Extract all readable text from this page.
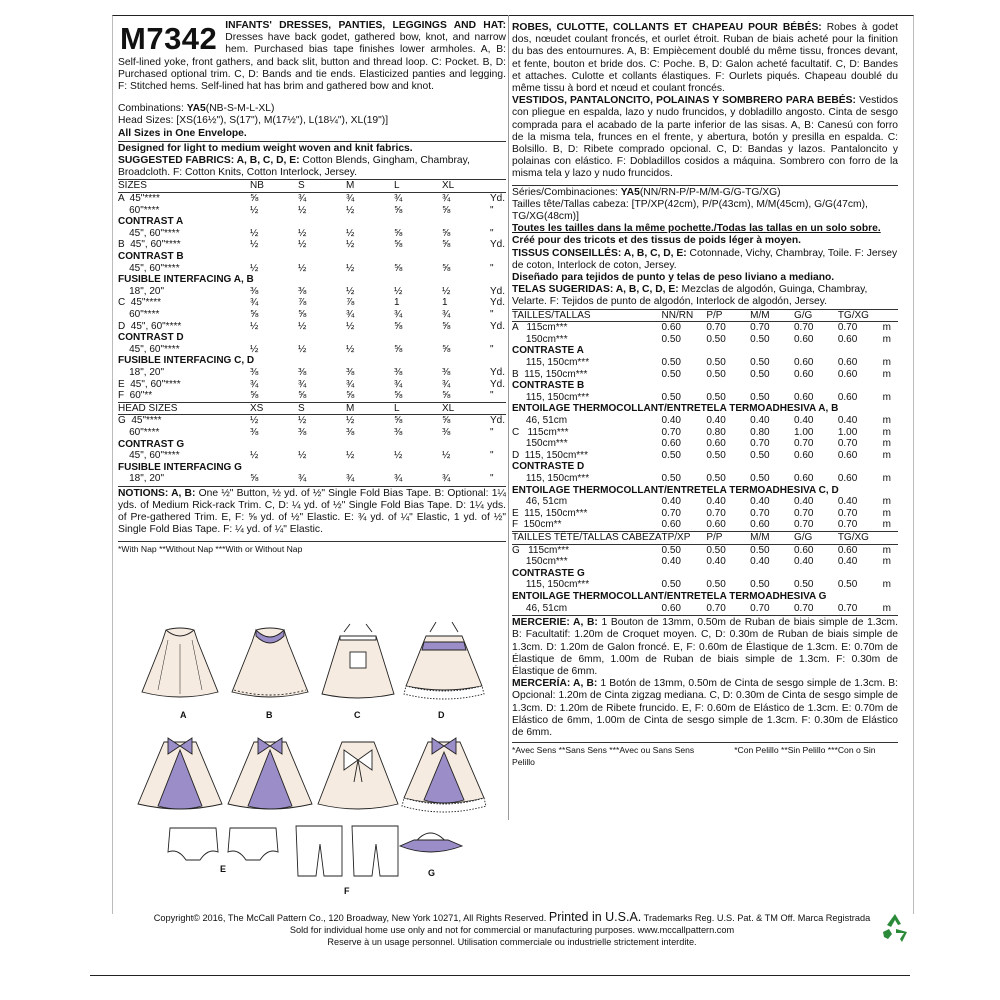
M7342 INFANTS' DRESSES, PANTIES, LEGGINGS AND HAT: Dresses have back godet, gathered bow, knot, and narrow hem. Purchased bias tape finishes lower armholes. A, B: Self-lined yoke, front gathers, and back slit, button and thread loop. C: Pocket. B, D: Purchased optional trim. C, D: Bands and tie ends. Elasticized panties and legging. F: Stitched hems. Self-lined hat has brim and gathered bow and knot.

Combinations: YA5(NB-S-M-L-XL)

Head Sizes: [XS(16½"), S(17"), M(17½"), L(18¼"), XL(19")]

All Sizes in One Envelope.

Designed for light to medium weight woven and knit fabrics.

SUGGESTED FABRICS: A, B, C, D, E: Cotton Blends, Gingham, Chambray, Broadcloth. F: Cotton Knits, Cotton Interlock, Jersey.

SIZES	NB	S	M	L	XL	
A  45"****	⅝	¾	¾	¾	¾	Yd.
60"****	½	½	½	⅝	⅝	"
CONTRAST A						
45", 60"****	½	½	½	⅝	⅝	"
B  45", 60"****	½	½	½	⅝	⅝	Yd.
CONTRAST B						
45", 60"****	½	½	½	⅝	⅝	"
FUSIBLE INTERFACING A, B						
18", 20"	⅜	⅜	½	½	½	Yd.
C  45"****	¾	⅞	⅞	1	1	Yd.
60"****	⅝	⅝	¾	¾	¾	"
D  45", 60"****	½	½	½	⅝	⅝	Yd.
CONTRAST D						
45", 60"****	½	½	½	⅝	⅝	"
FUSIBLE INTERFACING C, D						
18", 20"	⅜	⅜	⅜	⅜	⅜	Yd.
E  45", 60"****	¾	¾	¾	¾	¾	Yd.
F  60"**	⅝	⅝	⅝	⅝	⅝	"
HEAD SIZES	XS	S	M	L	XL	
G  45"****	½	½	½	⅝	⅝	Yd.
60"****	⅜	⅜	⅜	⅜	⅜	"
CONTRAST G						
45", 60"****	½	½	½	½	½	"
FUSIBLE INTERFACING G						
18", 20"	⅝	¾	¾	¾	¾	"

NOTIONS: A, B: One ½" Button, ½ yd. of ½" Single Fold Bias Tape. B: Optional: 1¼ yds. of Medium Rick-rack Trim. C, D: ¼ yd. of ½" Single Fold Bias Tape. D: 1¼ yds. of Pre-gathered Trim. E, F: ⅝ yd. of ½" Elastic. E: ¾ yd. of ¼" Elastic, 1 yd. of ½" Single Fold Bias Tape. F: ¼ yd. of ¼" Elastic.

*With Nap **Without Nap ***With or Without Nap

A	B	C	D
E
F
G

ROBES, CULOTTE, COLLANTS ET CHAPEAU POUR BÉBÉS: Robes à godet dos, nœudet coulant froncés, et ourlet étroit. Ruban de biais acheté pour la finition du bas des entournures. A, B: Empiècement doublé du même tissu, fronces devant, et fente, bouton et bride dos. C: Poche. B, D: Galon acheté facultatif. C, D: Bandes et attaches. Culotte et collants élastiques. F: Ourlets piqués. Chapeau doublé du même tissu à bord et nœud et coulant froncés.

VESTIDOS, PANTALONCITO, POLAINAS Y SOMBRERO PARA BEBÉS: Vestidos con pliegue en espalda, lazo y nudo fruncidos, y dobladillo angosto. Cinta de sesgo comprada para el acabado de la parte inferior de las sisas. A, B: Canesú con forro de la misma tela, frunces en el frente, y abertura, botón y presilla en espalda. C: Bolsillo. B, D: Ribete comprado opcional. C, D: Bandas y lazos. Pantaloncito y polainas con elástico. F: Dobladillos cosidos a máquina. Sombrero con forro de la misma tela y lazo y nudo fruncidos.

Séries/Combinaciones: YA5(NN/RN-P/P-M/M-G/G-TG/XG)

Tailles tête/Tallas cabeza: [TP/XP(42cm), P/P(43cm), M/M(45cm), G/G(47cm), TG/XG(48cm)]

Toutes les tailles dans la même pochette./Todas las tallas en un solo sobre.

Créé pour des tricots et des tissus de poids léger à moyen.

TISSUS CONSEILLÉS: A, B, C, D, E: Cotonnade, Vichy, Chambray, Toile. F: Jersey de coton, Interlock de coton, Jersey.

Diseñado para tejidos de punto y telas de peso liviano a mediano.

TELAS SUGERIDAS: A, B, C, D, E: Mezclas de algodón, Guinga, Chambray, Velarte. F: Tejidos de punto de algodón, Interlock de algodón, Jersey.

TAILLES/TALLAS	NN/RN	P/P	M/M	G/G	TG/XG	
A   115cm***	0.60	0.70	0.70	0.70	0.70	m
150cm***	0.50	0.50	0.50	0.60	0.60	m
CONTRASTE A						
115, 150cm***	0.50	0.50	0.50	0.60	0.60	m
B  115, 150cm***	0.50	0.50	0.50	0.60	0.60	m
CONTRASTE B						
115, 150cm***	0.50	0.50	0.50	0.60	0.60	m
ENTOILAGE THERMOCOLLANT/ENTRETELA TERMOADHESIVA A, B						
46, 51cm	0.40	0.40	0.40	0.40	0.40	m
C   115cm***	0.70	0.80	0.80	1.00	1.00	m
150cm***	0.60	0.60	0.70	0.70	0.70	m
D  115, 150cm***	0.50	0.50	0.50	0.60	0.60	m
CONTRASTE D						
115, 150cm***	0.50	0.50	0.50	0.60	0.60	m
ENTOILAGE THERMOCOLLANT/ENTRETELA TERMOADHESIVA C, D						
46, 51cm	0.40	0.40	0.40	0.40	0.40	m
E  115, 150cm***	0.70	0.70	0.70	0.70	0.70	m
F  150cm**	0.60	0.60	0.60	0.70	0.70	m
TAILLES TÊTE/TALLAS CABEZA	TP/XP	P/P	M/M	G/G	TG/XG	
G   115cm***	0.50	0.50	0.50	0.60	0.60	m
150cm***	0.40	0.40	0.40	0.40	0.40	m
CONTRASTE G						
115, 150cm***	0.50	0.50	0.50	0.50	0.50	m
ENTOILAGE THERMOCOLLANT/ENTRETELA TERMOADHESIVA G						
46, 51cm	0.60	0.70	0.70	0.70	0.70	m

MERCERIE: A, B: 1 Bouton de 13mm, 0.50m de Ruban de biais simple de 1.3cm. B: Facultatif: 1.20m de Croquet moyen. C, D: 0.30m de Ruban de biais simple de 1.3cm. D: 1.20m de Galon froncé. E, F: 0.60m de Élastique de 1.3cm. E: 0.70m de Élastique de 6mm, 1.00m de Ruban de biais simple de 1.3cm. F: 0.30m de Élastique de 6mm.

MERCERÍA: A, B: 1 Botón de 13mm, 0.50m de Cinta de sesgo simple de 1.3cm. B: Opcional: 1.20m de Cinta zigzag mediana. C, D: 0.30m de Cinta de sesgo simple de 1.3cm. D: 1.20m de Ribete fruncido. E, F: 0.60m de Elástico de 1.3cm. E: 0.70m de Elástico de 6mm, 1.00m de Cinta de sesgo simple de 1.3cm. F: 0.30m de Elástico de 6mm.

*Avec Sens **Sans Sens ***Avec ou Sans Sens	*Con Pelillo **Sin Pelillo ***Con o Sin Pelillo

Copyright© 2016, The McCall Pattern Co., 120 Broadway, New York 10271, All Rights Reserved. Printed in U.S.A. Trademarks Reg. U.S. Pat. & TM Off. Marca Registrada

Sold for individual home use only and not for commercial or manufacturing purposes. www.mccallpattern.com

Reserve à un usage personnel. Utilisation commerciale ou industrielle strictement interdite.
